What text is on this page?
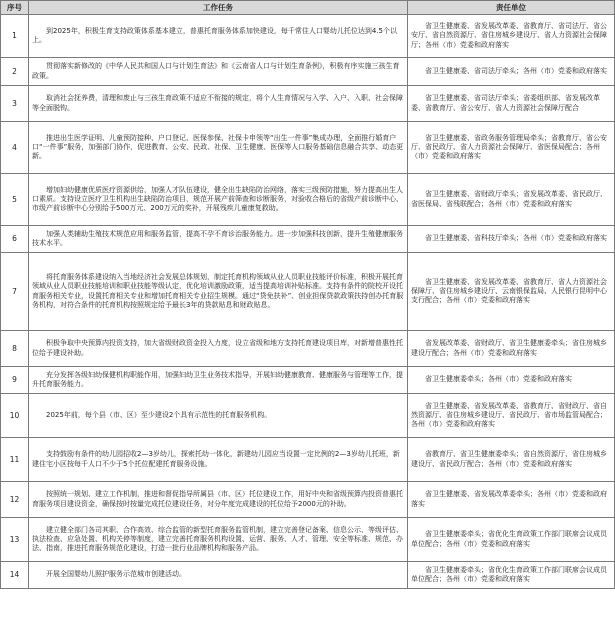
序号	工作任务	责任单位
1	到2025年，积极生育支持政策体系基本建立，普惠托育服务体系加快建设，每千常住人口婴幼儿托位达到4.5个以上。	省卫生健康委、省发展改革委、省教育厅、省司法厅、省公安厅、省自然资源厅、省住房城乡建设厅、省人力资源社会保障厅；各州（市）党委和政府落实
2	贯彻落实新修改的《中华人民共和国人口与计划生育法》和《云南省人口与计划生育条例》，积极有序实施三孩生育政策。	省卫生健康委、省司法厅牵头；各州（市）党委和政府落实
3	取消社会抚养费，清理和废止与三孩生育政策不适应不衔接的规定，将个人生育情况与入学、入户、入职、社会保障等全面脱钩。	省卫生健康委、省司法厅牵头；省委组织部、省发展改革委、省教育厅、省公安厅、省人力资源社会保障厅配合
4	推进出生医学证明、儿童预防接种、户口登记、医保参保、社保卡申领等“出生一件事”集成办理，全面推行婚育户口“一件事”服务，加强部门协作，促进教育、公安、民政、社保、卫生健康、医保等人口服务基础信息融合共享、动态更新。	省卫生健康委、省政务服务管理局牵头；省教育厅、省公安厅、省民政厅、省人力资源社会保障厅、省医保局配合；各州（市）党委和政府落实
5	增加妇幼健康优质医疗资源供给，加强人才队伍建设，健全出生缺陷防治网络，落实三级预防措施，努力提高出生人口素质。支持设立医疗卫生机构出生缺陷防治项目，规范开展产前筛查和诊断服务，对验收合格后的省级产前诊断中心、市级产前诊断中心分别给予500万元、200万元的奖补，开展残疾儿童康复救助。	省卫生健康委、省财政厅牵头；省发展改革委、省民政厅、省医保局、省残联配合；各州（市）党委和政府落实
6	加强人类辅助生殖技术规范应用和服务监管，提高不孕不育诊治服务能力。进一步加强科技创新，提升生殖健康服务技术水平。	省卫生健康委、省科技厅牵头；各州（市）党委和政府落实
7	将托育服务体系建设纳入当地经济社会发展总体规划，制定托育机构领域从业人员职业技能评价标准，积极开展托育领域从业人员职业技能培训和职业技能等级认定，优化培训激励政策，适当提高培训补贴标准。支持有条件的院校开设托育服务相关专业，设置托育相关专业和增加托育相关专业招生规模。通过“贷免扶补”、创业担保贷款政策扶持创办托育服务机构，对符合条件的托育机构按照规定给予最长3年的贷款贴息和财政贴息。	省卫生健康委、省发展改革委、省教育厅、省人力资源社会保障厅、省住房城乡建设厅、云南银保监局、人民银行昆明中心支行配合；各州（市）党委和政府落实
8	积极争取中央预算内投资支持，加大省级财政资金投入力度，设立省级和地方支持托育建设项目库，对新增普惠性托位给予建设补助。	省发展改革委、省财政厅、省卫生健康委牵头；省住房城乡建设厅配合；各州（市）党委和政府落实
9	充分发挥各级妇幼保健机构职能作用，加强妇幼卫生业务技术指导，开展妇幼健康教育、健康服务与管理等工作，提升托育服务能力。	省卫生健康委牵头；各州（市）党委和政府落实
10	2025年前，每个县（市、区）至少建设2个具有示范性的托育服务机构。	省卫生健康委、省发展改革委、省教育厅、省财政厅、省自然资源厅、省住房城乡建设厅、省民政厅、省市场监管局配合；各州（市）党委和政府落实
11	支持鼓励有条件的幼儿园招收2—3岁幼儿，探索托幼一体化，新建幼儿园应当设置一定比例的2—3岁幼儿托班，新建住宅小区按每千人口不少于5个托位配建托育服务设施。	省教育厅、省卫生健康委牵头；省自然资源厅、省住房城乡建设厅、省民政厅配合；各州（市）党委和政府落实
12	按照统一规划、建立工作机制，推进和督促指导所属县（市、区）托位建设工作，用好中央和省级预算内投资普惠托育服务项目建设资金，确保按时按量完成托位建设任务，对分年度完成建设的托位给予2000元的补助。	省卫生健康委、省发展改革委牵头；各州（市）党委和政府落实
13	建立健全部门各司其职、合作高效、综合监管的新型托育服务监管机制，建立完善登记备案、信息公示、等级评估、执法检查、应急处置、机构关停等制度，建立完善托育服务机构设置、运营、服务、人才、管理、安全等标准、规范、办法、指南，推进托育服务规范化建设，打造一批行业品牌机构和服务产品。	省卫生健康委牵头；省优化生育政策工作部门联席会议成员单位配合；各州（市）党委和政府落实
14	开展全国婴幼儿照护服务示范城市创建活动。	省卫生健康委牵头；省优化生育政策工作部门联席会议成员单位配合；各州（市）党委和政府落实
